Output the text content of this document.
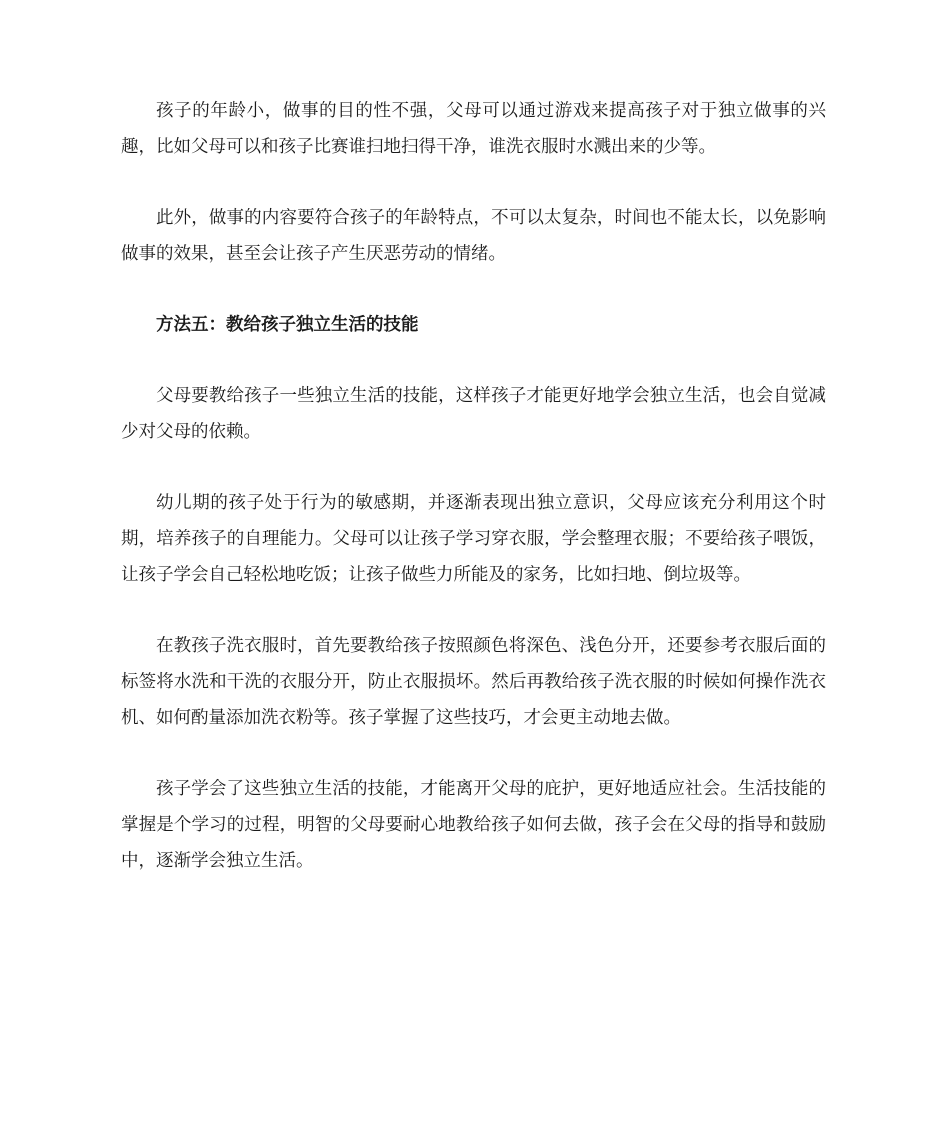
孩子的年龄小，做事的目的性不强，父母可以通过游戏来提高孩子对于独立做事的兴趣，比如父母可以和孩子比赛谁扫地扫得干净，谁洗衣服时水溅出来的少等。

此外，做事的内容要符合孩子的年龄特点，不可以太复杂，时间也不能太长，以免影响做事的效果，甚至会让孩子产生厌恶劳动的情绪。

方法五：教给孩子独立生活的技能

父母要教给孩子一些独立生活的技能，这样孩子才能更好地学会独立生活，也会自觉减少对父母的依赖。

幼儿期的孩子处于行为的敏感期，并逐渐表现出独立意识，父母应该充分利用这个时期，培养孩子的自理能力。父母可以让孩子学习穿衣服，学会整理衣服；不要给孩子喂饭，让孩子学会自己轻松地吃饭；让孩子做些力所能及的家务，比如扫地、倒垃圾等。

在教孩子洗衣服时，首先要教给孩子按照颜色将深色、浅色分开，还要参考衣服后面的标签将水洗和干洗的衣服分开，防止衣服损坏。然后再教给孩子洗衣服的时候如何操作洗衣机、如何酌量添加洗衣粉等。孩子掌握了这些技巧，才会更主动地去做。

孩子学会了这些独立生活的技能，才能离开父母的庇护，更好地适应社会。生活技能的掌握是个学习的过程，明智的父母要耐心地教给孩子如何去做，孩子会在父母的指导和鼓励中，逐渐学会独立生活。
